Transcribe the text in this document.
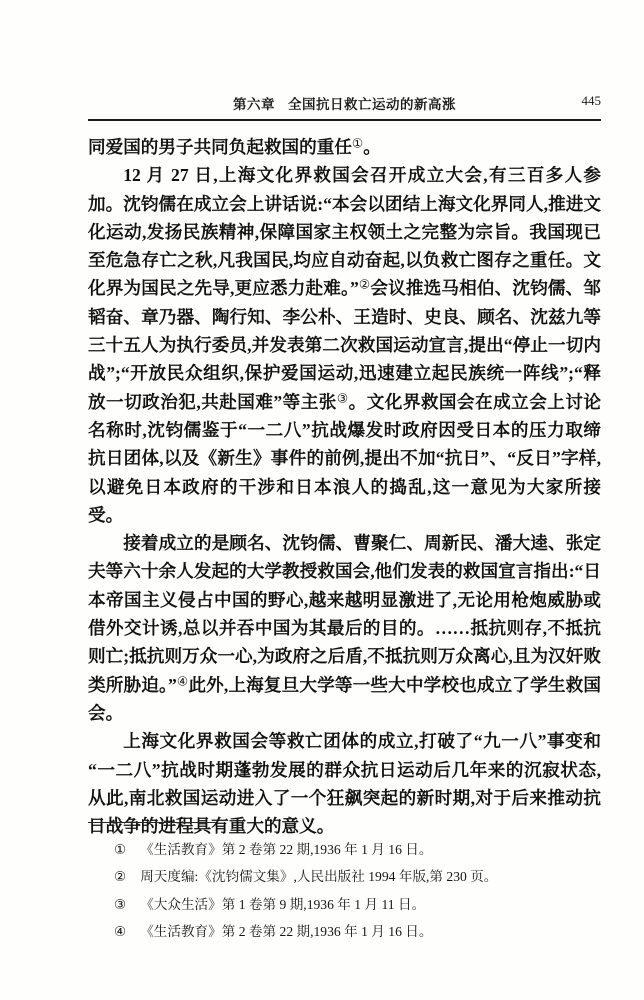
第六章 全国抗日救亡运动的新高涨	445

同爱国的男子共同负起救国的重任①。

12 月 27 日,上海文化界救国会召开成立大会,有三百多人参加。沈钧儒在成立会上讲话说:“本会以团结上海文化界同人,推进文化运动,发扬民族精神,保障国家主权领土之完整为宗旨。我国现已至危急存亡之秋,凡我国民,均应自动奋起,以负救亡图存之重任。文化界为国民之先导,更应悉力赴难。”②会议推选马相伯、沈钧儒、邹韬奋、章乃器、陶行知、李公朴、王造时、史良、顾名、沈兹九等三十五人为执行委员,并发表第二次救国运动宣言,提出“停止一切内战”;“开放民众组织,保护爱国运动,迅速建立起民族统一阵线”;“释放一切政治犯,共赴国难”等主张③。文化界救国会在成立会上讨论名称时,沈钧儒鉴于“一二八”抗战爆发时政府因受日本的压力取缔抗日团体,以及《新生》事件的前例,提出不加“抗日”、“反日”字样,以避免日本政府的干涉和日本浪人的捣乱,这一意见为大家所接受。

接着成立的是顾名、沈钧儒、曹聚仁、周新民、潘大逵、张定夫等六十余人发起的大学教授救国会,他们发表的救国宣言指出:“日本帝国主义侵占中国的野心,越来越明显激进了,无论用枪炮威胁或借外交计诱,总以并吞中国为其最后的目的。……抵抗则存,不抵抗则亡;抵抗则万众一心,为政府之后盾,不抵抗则万众离心,且为汉奸败类所胁迫。”④此外,上海复旦大学等一些大中学校也成立了学生救国会。

上海文化界救国会等救亡团体的成立,打破了“九一八”事变和“一二八”抗战时期蓬勃发展的群众抗日运动后几年来的沉寂状态,从此,南北救国运动进入了一个狂飙突起的新时期,对于后来推动抗日战争的进程具有重大的意义。

① 《生活教育》第 2 卷第 22 期,1936 年 1 月 16 日。
② 周天度编:《沈钧儒文集》,人民出版社 1994 年版,第 230 页。
③ 《大众生活》第 1 卷第 9 期,1936 年 1 月 11 日。
④ 《生活教育》第 2 卷第 22 期,1936 年 1 月 16 日。
